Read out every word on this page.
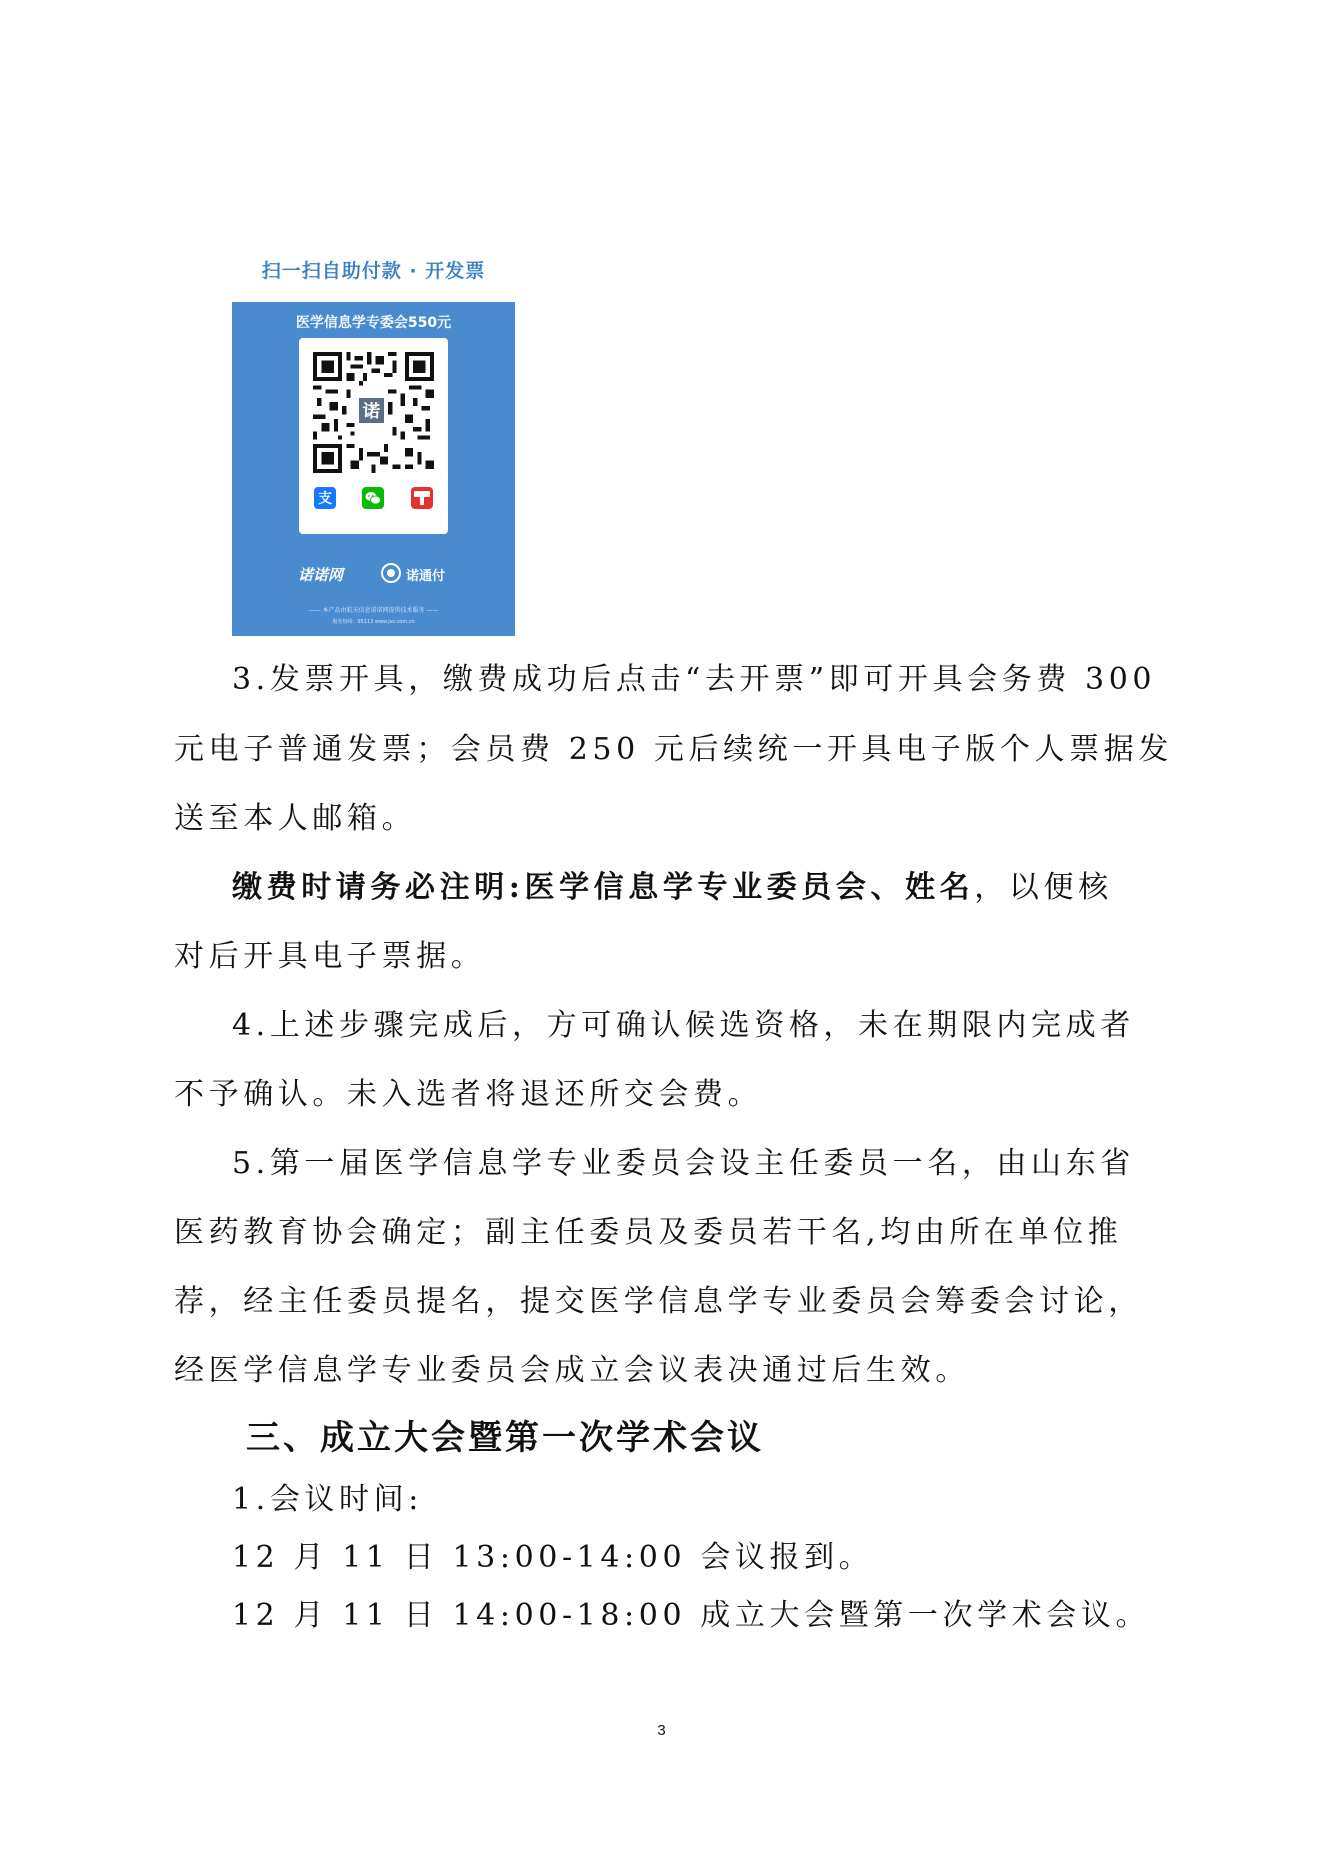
扫一扫自助付款 · 开发票
医学信息学专委会550元
诺
支
诺诺网	诺通付
—— 本产品由航天信息诺诺网提供技术服务 ——
服务热线：95113 www.jss.com.cn
3.发票开具，缴费成功后点击“去开票”即可开具会务费 300
元电子普通发票；会员费 250 元后续统一开具电子版个人票据发
送至本人邮箱。
缴费时请务必注明:医学信息学专业委员会、姓名，以便核
对后开具电子票据。
4.上述步骤完成后，方可确认候选资格，未在期限内完成者
不予确认。未入选者将退还所交会费。
5.第一届医学信息学专业委员会设主任委员一名，由山东省
医药教育协会确定；副主任委员及委员若干名,均由所在单位推
荐，经主任委员提名，提交医学信息学专业委员会筹委会讨论，
经医学信息学专业委员会成立会议表决通过后生效。
三、成立大会暨第一次学术会议
1.会议时间:
12 月 11 日 13:00-14:00 会议报到。
12 月 11 日 14:00-18:00 成立大会暨第一次学术会议。
3
